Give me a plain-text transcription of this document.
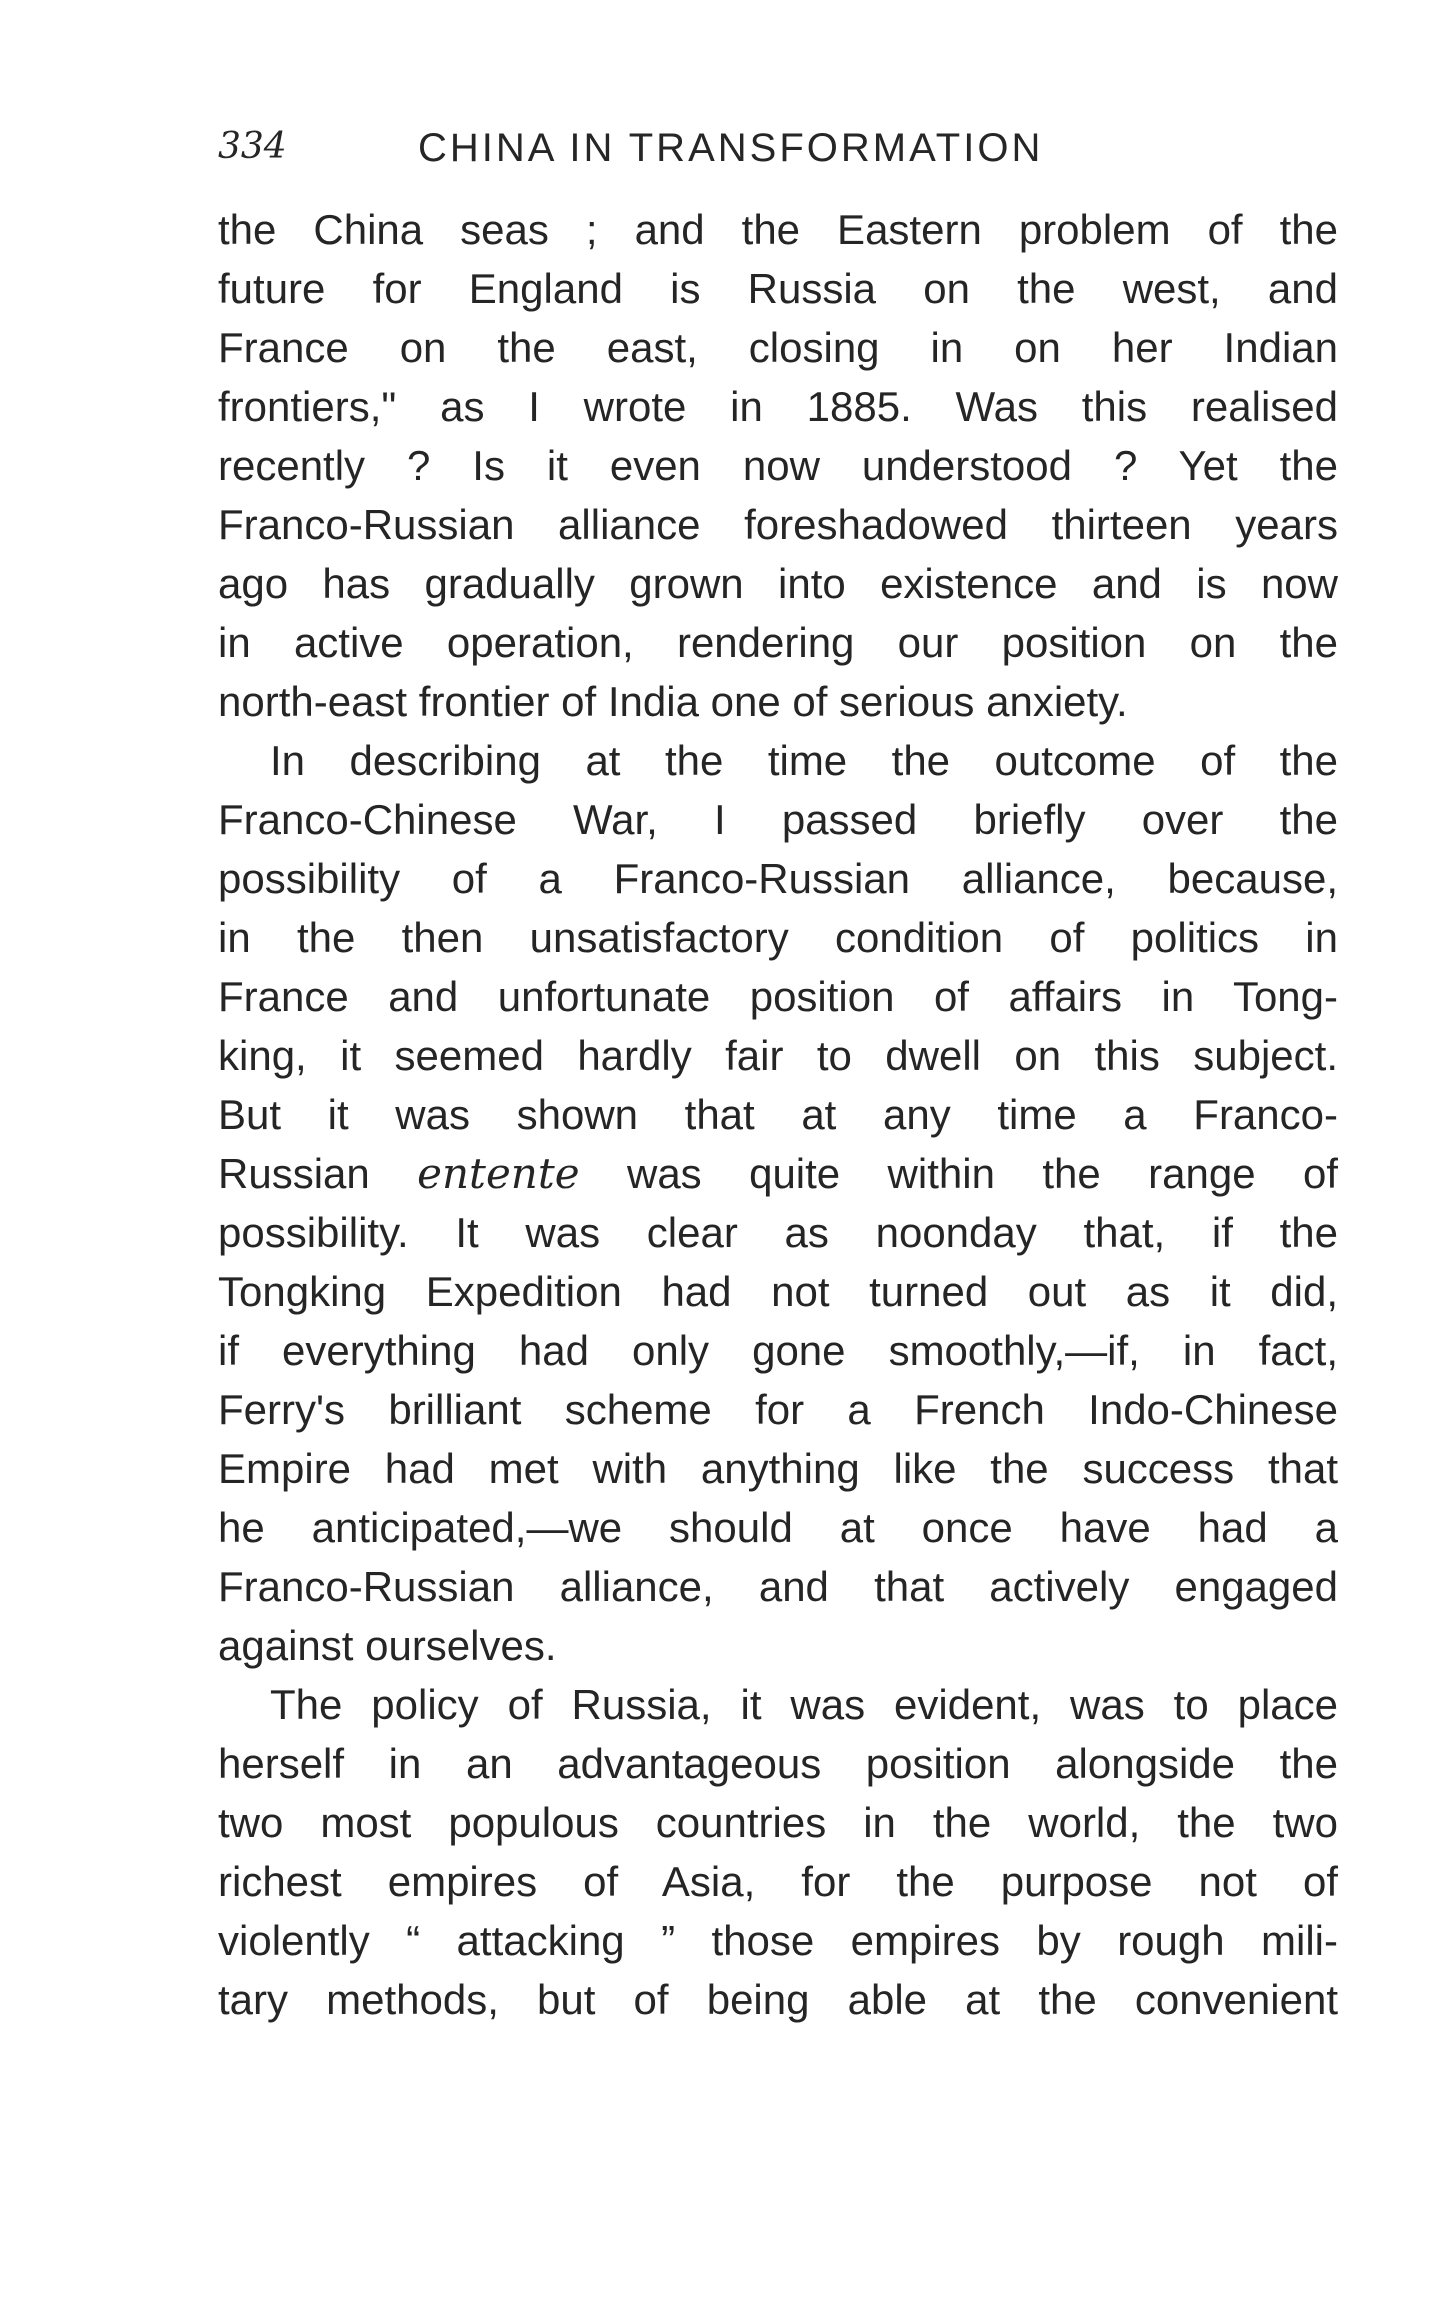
334	CHINA IN TRANSFORMATION
the China seas ; and the Eastern problem of the
future for England is Russia on the west, and
France on the east, closing in on her Indian
frontiers," as I wrote in 1885. Was this realised
recently ? Is it even now understood ? Yet the
Franco-Russian alliance foreshadowed thirteen years
ago has gradually grown into existence and is now
in active operation, rendering our position on the
north-east frontier of India one of serious anxiety.
In describing at the time the outcome of the
Franco-Chinese War, I passed briefly over the
possibility of a Franco-Russian alliance, because,
in the then unsatisfactory condition of politics in
France and unfortunate position of affairs in Tong-
king, it seemed hardly fair to dwell on this subject.
But it was shown that at any time a Franco-
Russian entente was quite within the range of
possibility. It was clear as noonday that, if the
Tongking Expedition had not turned out as it did,
if everything had only gone smoothly,—if, in fact,
Ferry's brilliant scheme for a French Indo-Chinese
Empire had met with anything like the success that
he anticipated,—we should at once have had a
Franco-Russian alliance, and that actively engaged
against ourselves.
The policy of Russia, it was evident, was to place
herself in an advantageous position alongside the
two most populous countries in the world, the two
richest empires of Asia, for the purpose not of
violently “ attacking ” those empires by rough mili-
tary methods, but of being able at the convenient
